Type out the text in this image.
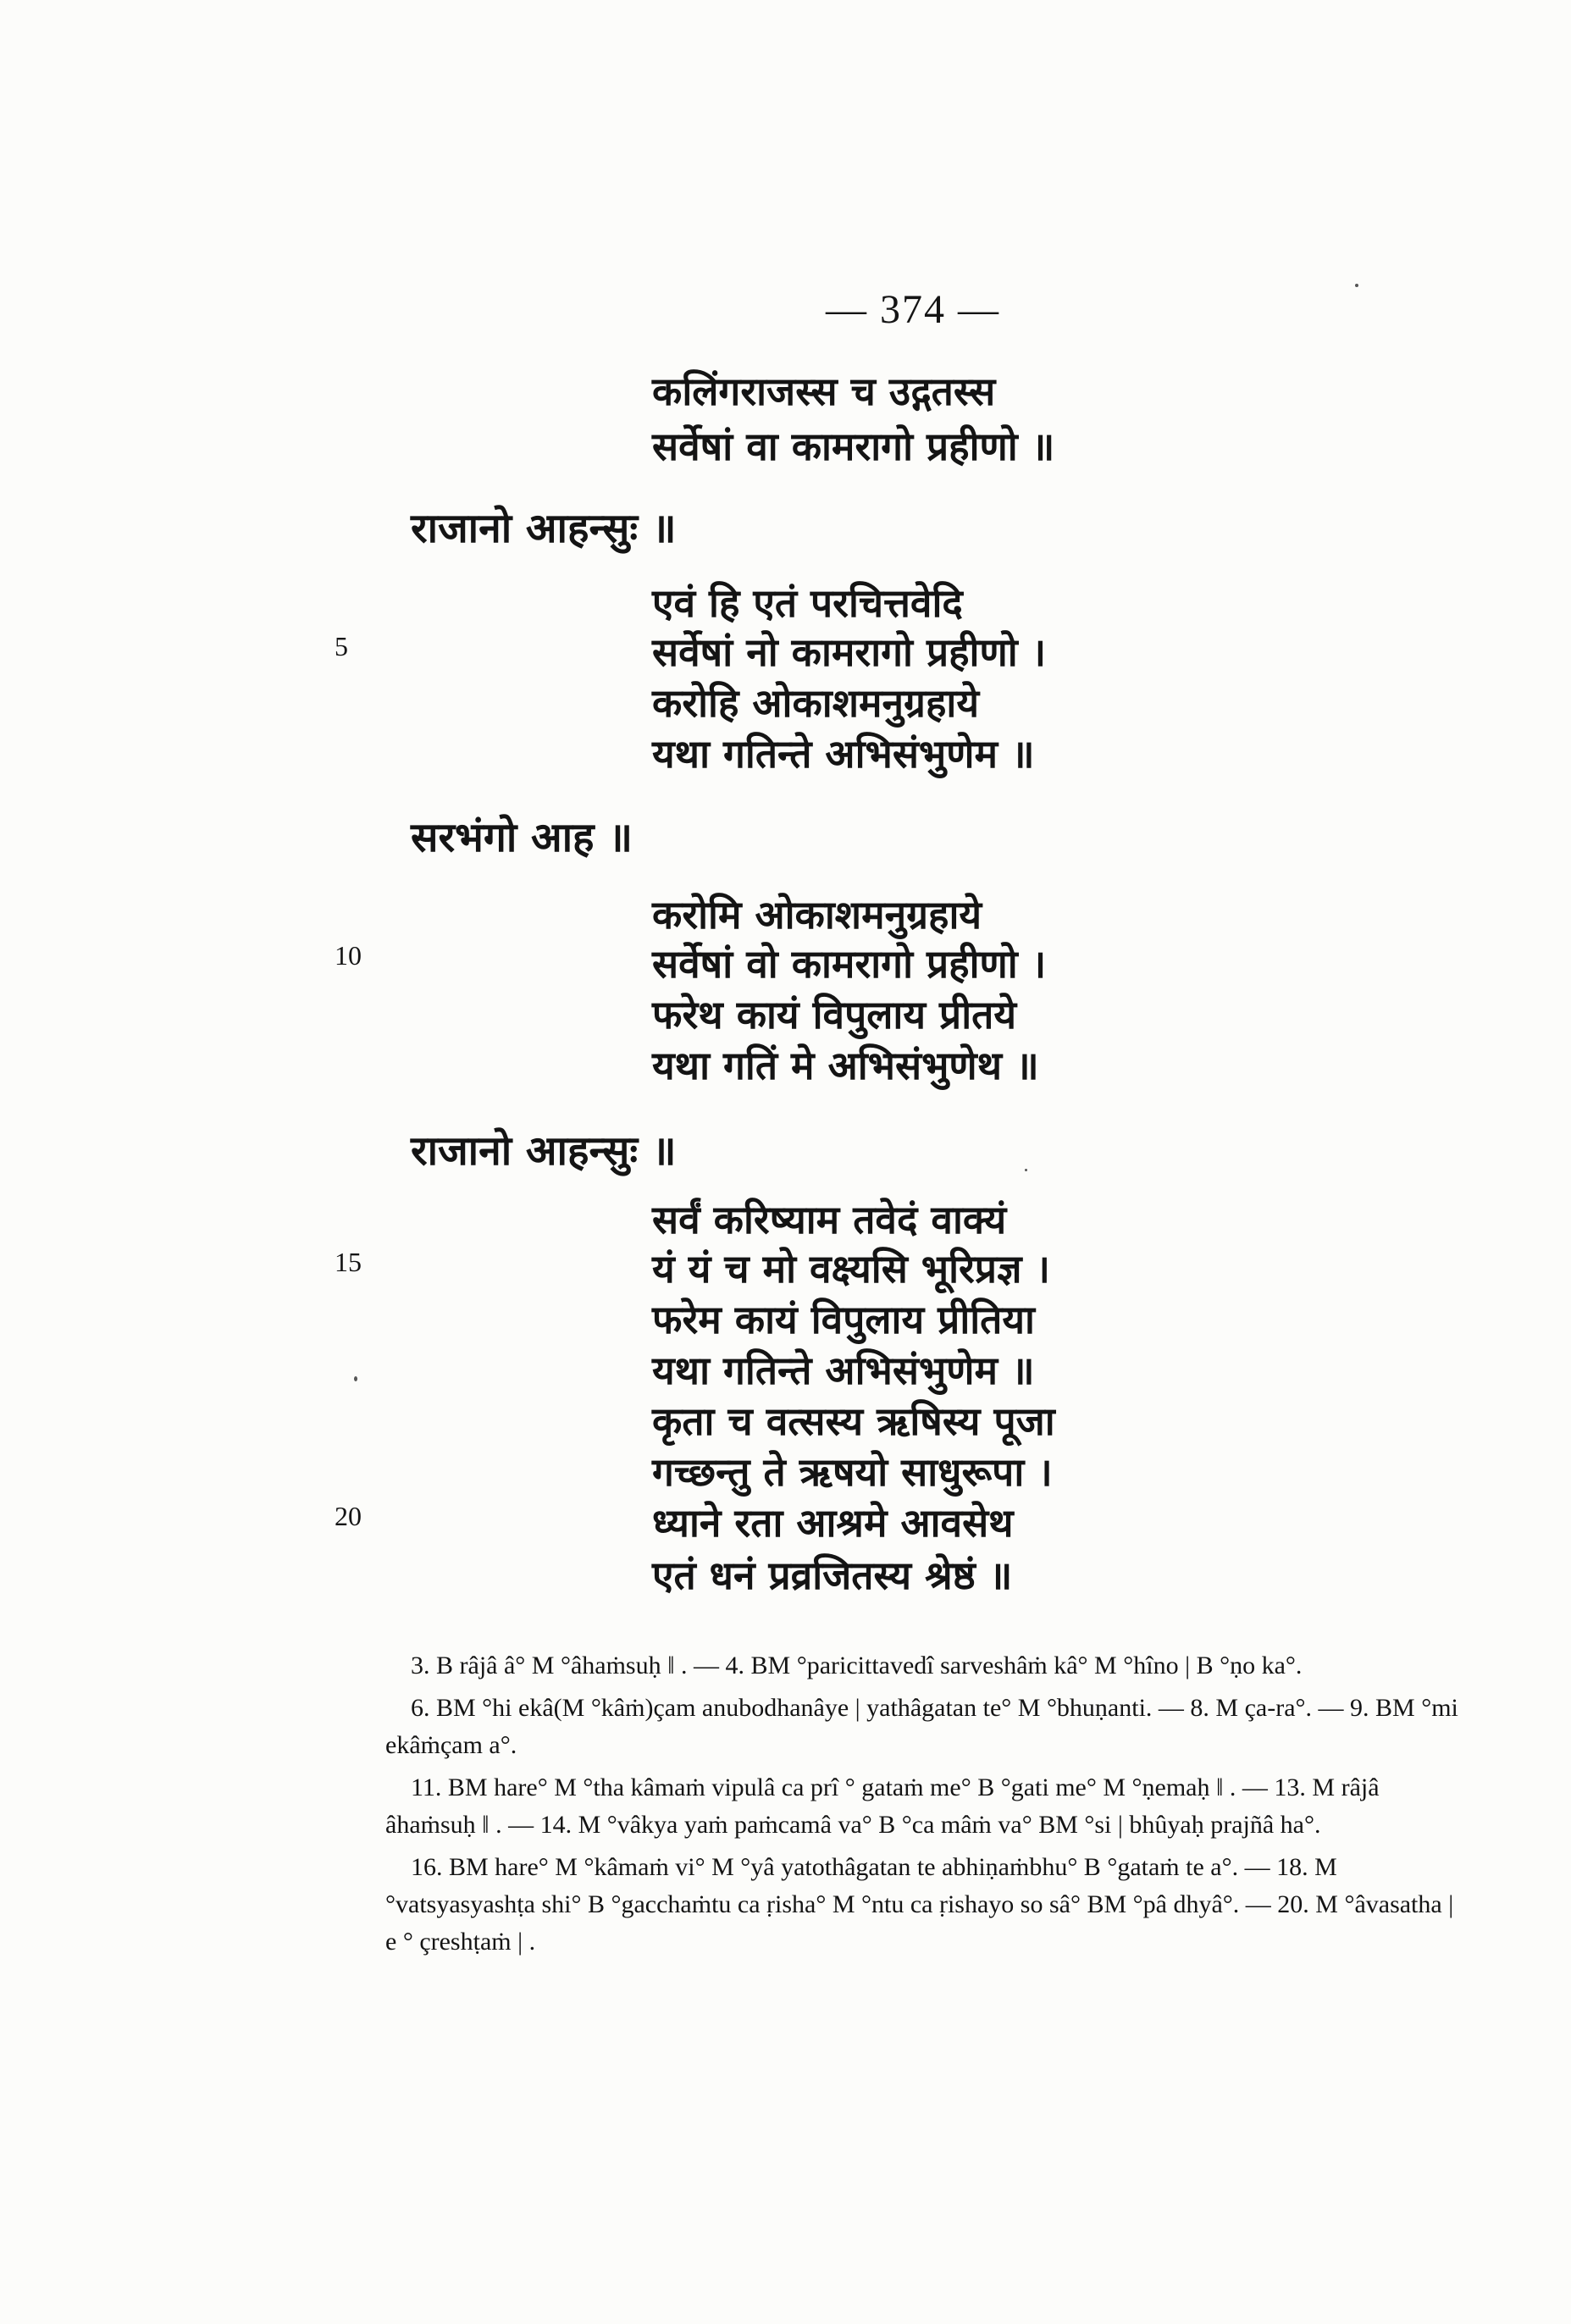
— 374 —
कलिंगराजस्स च उद्गतस्स
सर्वेषां वा कामरागो प्रहीणो ॥
राजानो आहन्सुः ॥
एवं हि एतं परचित्तवेदि
5	सर्वेषां नो कामरागो प्रहीणो ।
करोहि ओकाशमनुग्रहाये
यथा गतिन्ते अभिसंभुणेम ॥
सरभंगो आह ॥
करोमि ओकाशमनुग्रहाये
10	सर्वेषां वो कामरागो प्रहीणो ।
फरेथ कायं विपुलाय प्रीतये
यथा गतिं मे अभिसंभुणेथ ॥
राजानो आहन्सुः ॥
सर्वं करिष्याम तवेदं वाक्यं
15	यं यं च मो वक्ष्यसि भूरिप्रज्ञ ।
फरेम कायं विपुलाय प्रीतिया
यथा गतिन्ते अभिसंभुणेम ॥
कृता च वत्सस्य ऋषिस्य पूजा
गच्छन्तु ते ऋषयो साधुरूपा ।
20	ध्याने रता आश्रमे आवसेथ
एतं धनं प्रव्रजितस्य श्रेष्ठं ॥

3. B râjâ â° M °âhaṁsuḥ ‖ . — 4. BM °paricittavedî sarveshâṁ kâ° M °hîno | B °ṇo ka°.

6. BM °hi ekâ(M °kâṁ)çam anubodhanâye | yathâgatan te° M °bhuṇanti. — 8. M ça-ra°. — 9. BM °mi ekâṁçam a°.

11. BM hare° M °tha kâmaṁ vipulâ ca prî ° gataṁ me° B °gati me° M °ṇemaḥ ‖ . — 13. M râjâ âhaṁsuḥ ‖ . — 14. M °vâkya yaṁ paṁcamâ va° B °ca mâṁ va° BM °si | bhûyaḥ prajñâ ha°.

16. BM hare° M °kâmaṁ vi° M °yâ yatothâgatan te abhiṇaṁbhu° B °gataṁ te a°. — 18. M °vatsyasyashṭa shi° B °gacchaṁtu ca ṛisha° M °ntu ca ṛishayo so sâ° BM °pâ dhyâ°. — 20. M °âvasatha | e ° çreshṭaṁ | .
